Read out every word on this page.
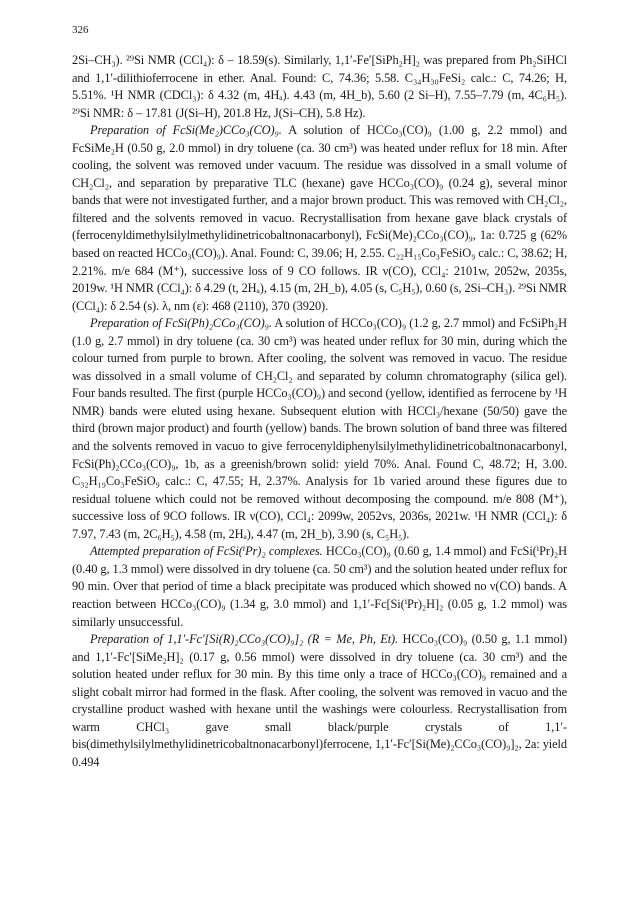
326

2Si–CH₃). ²⁹Si NMR (CCl₄): δ – 18.59(s). Similarly, 1,1′-Fe′[SiPh₂H]₂ was prepared from Ph₂SiHCl and 1,1′-dilithioferrocene in ether. Anal. Found: C, 74.36; 5.58. C₃₄H₃₀FeSi₂ calc.: C, 74.26; H, 5.51%. ¹H NMR (CDCl₃): δ 4.32 (m, 4Hₐ). 4.43 (m, 4H_b), 5.60 (2 Si–H), 7.55–7.79 (m, 4C₆H₅). ²⁹Si NMR: δ – 17.81 (J(Si–H), 201.8 Hz, J(Si–CH), 5.8 Hz).

Preparation of FcSi(Me₂)CCo₃(CO)₉. A solution of HCCo₃(CO)₉ (1.00 g, 2.2 mmol) and FcSiMe₂H (0.50 g, 2.0 mmol) in dry toluene (ca. 30 cm³) was heated under reflux for 18 min. After cooling, the solvent was removed under vacuum. The residue was dissolved in a small volume of CH₂Cl₂, and separation by preparative TLC (hexane) gave HCCo₃(CO)₉ (0.24 g), several minor bands that were not investigated further, and a major brown product. This was removed with CH₂Cl₂, filtered and the solvents removed in vacuo. Recrystallisation from hexane gave black crystals of (ferrocenyldimethylsilylmethylidinetricobaltnonacarbonyl), FcSi(Me)₂CCo₃(CO)₉, 1a: 0.725 g (62% based on reacted HCCo₃(CO)₉). Anal. Found: C, 39.06; H, 2.55. C₂₂H₁₅Co₃FeSiO₉ calc.: C, 38.62; H, 2.21%. m/e 684 (M⁺), successive loss of 9 CO follows. IR ν(CO), CCl₄: 2101w, 2052w, 2035s, 2019w. ¹H NMR (CCl₄): δ 4.29 (t, 2Hₐ), 4.15 (m, 2H_b), 4.05 (s, C₅H₅), 0.60 (s, 2Si–CH₃). ²⁹Si NMR (CCl₄): δ 2.54 (s). λ, nm (ε): 468 (2110), 370 (3920).

Preparation of FcSi(Ph)₂CCo₃(CO)₉. A solution of HCCo₃(CO)₉ (1.2 g, 2.7 mmol) and FcSiPh₂H (1.0 g, 2.7 mmol) in dry toluene (ca. 30 cm³) was heated under reflux for 30 min, during which the colour turned from purple to brown. After cooling, the solvent was removed in vacuo. The residue was dissolved in a small volume of CH₂Cl₂ and separated by column chromatography (silica gel). Four bands resulted. The first (purple HCCo₃(CO)₉) and second (yellow, identified as ferrocene by ¹H NMR) bands were eluted using hexane. Subsequent elution with HCCl₃/hexane (50/50) gave the third (brown major product) and fourth (yellow) bands. The brown solution of band three was filtered and the solvents removed in vacuo to give ferrocenyldiphenylsilylmethylidinetricobaltnonacarbonyl, FcSi(Ph)₂CCo₃(CO)₉, 1b, as a greenish/brown solid: yield 70%. Anal. Found C, 48.72; H, 3.00. C₃₂H₁₉Co₃FeSiO₉ calc.: C, 47.55; H, 2.37%. Analysis for 1b varied around these figures due to residual toluene which could not be removed without decomposing the compound. m/e 808 (M⁺), successive loss of 9CO follows. IR ν(CO), CCl₄: 2099w, 2052vs, 2036s, 2021w. ¹H NMR (CCl₄): δ 7.97, 7.43 (m, 2C₆H₅), 4.58 (m, 2Hₐ), 4.47 (m, 2H_b), 3.90 (s, C₅H₅).

Attempted preparation of FcSi(ⁱPr)₂ complexes. HCCo₃(CO)₉ (0.60 g, 1.4 mmol) and FcSi(ⁱPr)₂H (0.40 g, 1.3 mmol) were dissolved in dry toluene (ca. 50 cm³) and the solution heated under reflux for 90 min. Over that period of time a black precipitate was produced which showed no ν(CO) bands. A reaction between HCCo₃(CO)₉ (1.34 g, 3.0 mmol) and 1,1′-Fc[Si(ⁱPr)₂H]₂ (0.05 g, 1.2 mmol) was similarly unsuccessful.

Preparation of 1,1′-Fc′[Si(R)₂CCo₃(CO)₉]₂ (R = Me, Ph, Et). HCCo₃(CO)₉ (0.50 g, 1.1 mmol) and 1,1′-Fc′[SiMe₂H]₂ (0.17 g, 0.56 mmol) were dissolved in dry toluene (ca. 30 cm³) and the solution heated under reflux for 30 min. By this time only a trace of HCCo₃(CO)₉ remained and a slight cobalt mirror had formed in the flask. After cooling, the solvent was removed in vacuo and the crystalline product washed with hexane until the washings were colourless. Recrystallisation from warm CHCl₃ gave small black/purple crystals of 1,1′-bis(dimethylsilylmethylidinetricobaltnonacarbonyl)ferrocene, 1,1′-Fc′[Si(Me)₂CCo₃(CO)₉]₂, 2a: yield 0.494
